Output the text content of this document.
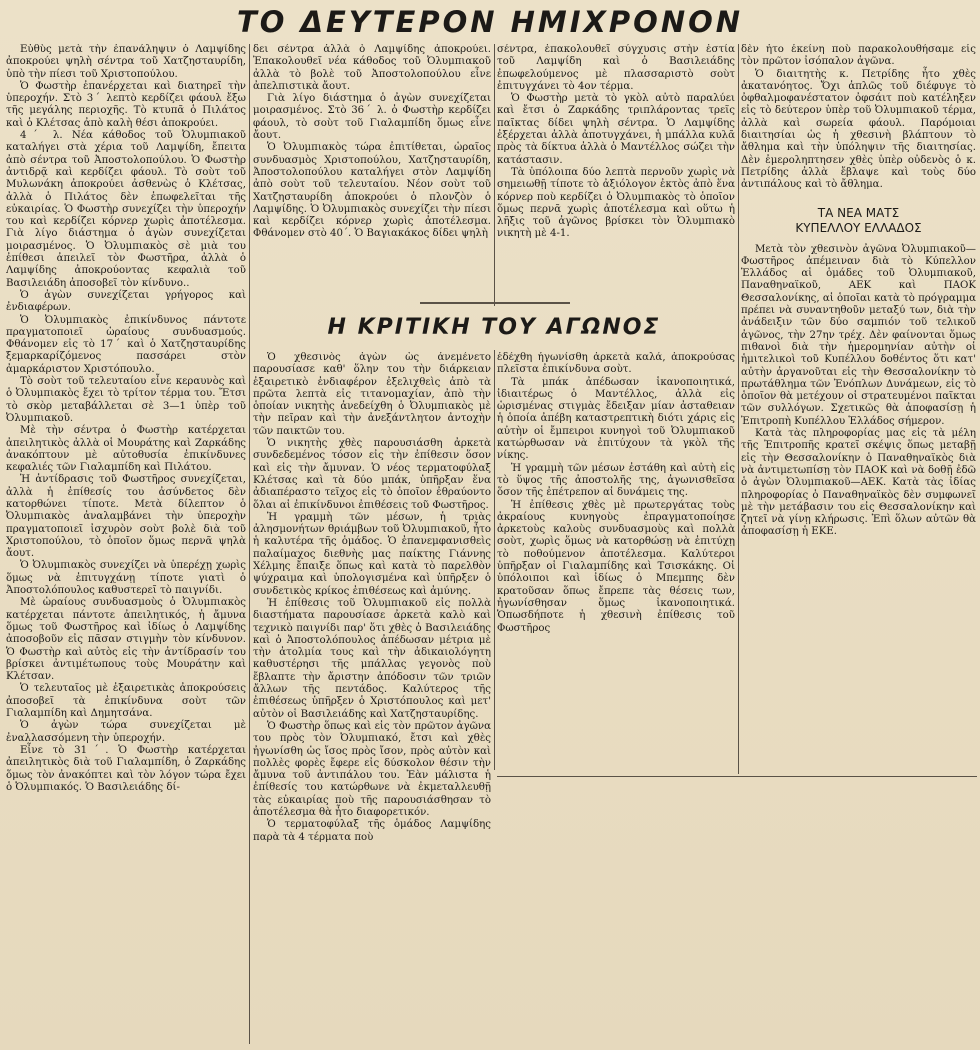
ΤΟ ΔΕΥΤΕΡΟΝ ΗΜΙΧΡΟΝΟΝ

Εὐθὺς μετὰ τὴν ἐπανάληψιν ὁ Λαμψίδης ἀποκρούει ψηλὴ σέντρα τοῦ Χατζησταυρίδη, ὑπὸ τὴν πίεσι τοῦ Χριστοπούλου.

Ὁ Φωστὴρ ἐπανέρχεται καὶ διατηρεῖ τὴν ὑπεροχήν. Στὸ 3ˊ λεπτὸ κερδίζει φάουλ ἔξω τῆς μεγάλης περιοχῆς. Τὸ κτυπᾶ ὁ Πιλάτος καὶ ὁ Κλέτσας ἀπὸ καλὴ θέσι ἀποκρούει.

4ˊ λ. Νέα κάθοδος τοῦ Ὀλυμπιακοῦ καταλήγει στὰ χέρια τοῦ Λαμψίδη, ἔπειτα ἀπὸ σέντρα τοῦ Ἀποστολοπούλου. Ὁ Φωστὴρ ἀντιδρᾷ καὶ κερδίζει φάουλ. Τὸ σοὺτ τοῦ Μυλωνάκη ἀποκρούει ἀσθενὼς ὁ Κλέτσας, ἀλλὰ ὁ Πιλάτος δὲν ἐπωφελεῖται τῆς εὐκαιρίας. Ὁ Φωστὴρ συνεχίζει τὴν ὑπεροχήν του καὶ κερδίζει κόρνερ χωρὶς ἀποτέλεσμα. Γιὰ λίγο διάστημα ὁ ἀγὼν συνεχίζεται μοιρασμένος. Ὁ Ὀλυμπιακὸς σὲ μιὰ του ἐπίθεσι ἀπειλεῖ τὸν Φωστῆρα, ἀλλὰ ὁ Λαμψίδης ἀποκρούοντας κεφαλιὰ τοῦ Βασιλειάδη ἀποσοβεῖ τὸν κίνδυνο..

Ὁ ἀγὼν συνεχίζεται γρήγορος καὶ ἐνδιαφέρων.

Ὁ Ὀλυμπιακὸς ἐπικίνδυνος πάντοτε πραγματοποιεῖ ὡραίους συνδυασμούς. Φθάνομεν εἰς τὸ 17ˊ καὶ ὁ Χατζησταυρίδης ξεμαρκαρίζόμενος πασσάρει στὸν ἀμαρκάριστον Χριστόπουλο.

Τὸ σοὺτ τοῦ τελευταίου εἶνε κεραυνὸς καὶ ὁ Ὀλυμπιακὸς ἔχει τὸ τρίτον τέρμα του. Ἔτσι τὸ σκὸρ μεταβάλλεται σὲ 3—1 ὑπὲρ τοῦ Ὀλυμπιακοῦ.

Μὲ τὴν σέντρα ὁ Φωστὴρ κατέρχεται ἀπειλητικὸς ἀλλὰ οἱ Μουράτης καὶ Ζαρκάδης ἀνακόπτουν μὲ αὐτοθυσία ἐπικίνδυνες κεφαλιές τῶν Γιαλαμπίδη καὶ Πιλάτου.

Ἡ ἀντίδρασις τοῦ Φωστῆρος συνεχίζεται, ἀλλὰ ἡ ἐπίθεσίς του ἀσύνδετος δὲν κατορθώνει τίποτε. Μετὰ δίλεπτον ὁ Ὀλυμπιακὸς ἀναλαμβάνει τὴν ὑπεροχὴν πραγματοποιεῖ ἰσχυρὸν σοὺτ βολὲ διὰ τοῦ Χριστοπούλου, τὸ ὁποῖον ὅμως περνᾶ ψηλὰ ἄουτ.

Ὁ Ὀλυμπιακὸς συνεχίζει νὰ ὑπερέχῃ χωρὶς ὅμως νὰ ἐπιτυγχάνῃ τίποτε γιατὶ ὁ Ἀποστολόπουλος καθυστερεῖ τὸ παιγνίδι.

Μὲ ὡραίους συνδυασμοὺς ὁ Ὀλυμπιακὸς κατέρχεται πάντοτε ἀπειλητικός, ἡ ἄμυνα ὅμως τοῦ Φωστῆρος καὶ ἰδίως ὁ Λαμψίδης ἀποσοβοῦν εἰς πᾶσαν στιγμὴν τὸν κίνδυνον. Ὁ Φωστὴρ καὶ αὐτὸς εἰς τὴν ἀντίδρασίν του βρίσκει ἀντιμέτωπους τοὺς Μουράτην καὶ Κλέτσαν.

Ὁ τελευταῖος μὲ ἐξαιρετικὰς ἀποκρούσεις ἀποσοβεῖ τὰ ἐπικίνδυνα σοὺτ τῶν Γιαλαμπίδη καὶ Δημητσάνα.

Ὁ ἀγὼν τώρα συνεχίζεται μὲ ἐναλλασσόμενη τὴν ὑπεροχήν.

Εἶνε τὸ 31ˊ. Ὁ Φωστὴρ κατέρχεται ἀπειλητικὸς διὰ τοῦ Γιαλαμπίδη, ὁ Ζαρκάδης ὅμως τὸν ἀνακόπτει καὶ τὸν λόγον τώρα ἔχει ὁ Ὀλυμπιακός. Ὁ Βασιλειάδης δί-

δει σέντρα ἀλλὰ ὁ Λαμψίδης ἀποκρούει. Ἐπακολουθεῖ νέα κάθοδος τοῦ Ὀλυμπιακοῦ ἀλλὰ τὸ βολὲ τοῦ Ἀποστολοπούλου εἶνε ἀπελπιστικὰ ἄουτ.

Γιὰ λίγο διάστημα ὁ ἀγὼν συνεχίζεται μοιρασμένος. Στὸ 36ˊ λ. ὁ Φωστὴρ κερδίζει φάουλ, τὸ σοὺτ τοῦ Γιαλαμπίδη ὅμως εἶνε ἄουτ.

Ὁ Ὀλυμπιακὸς τώρα ἐπιτίθεται, ὡραῖος συνδυασμὸς Χριστοπούλου, Χατζησταυρίδη, Ἀποστολοπούλου καταλήγει στὸν Λαμψίδη ἀπὸ σοὺτ τοῦ τελευταίου. Νέον σοὺτ τοῦ Χατζησταυρίδη ἀποκρούει ὁ πλονζὸν ὁ Λαμψίδης. Ὁ Ὀλυμπιακὸς συνεχίζει τὴν πίεσι καὶ κερδίζει κόρνερ χωρὶς ἀποτέλεσμα. Φθάνομεν στὸ 40ˊ. Ὁ Βαγιακάκος δίδει ψηλὴ

σέντρα, ἐπακολουθεῖ σύγχυσις στὴν ἑστία τοῦ Λαμψίδη καὶ ὁ Βασιλειάδης ἐπωφελούμενος μὲ πλασσαριστὸ σοὺτ ἐπιτυγχάνει τὸ 4ον τέρμα.

Ὁ Φωστὴρ μετὰ τὸ γκὸλ αὐτὸ παραλύει καὶ ἔτσι ὁ Ζαρκάδης τριπλάροντας τρεῖς παῖκτας δίδει ψηλὴ σέντρα. Ὁ Λαμψίδης ἐξέρχεται ἀλλὰ ἀποτυγχάνει, ἡ μπάλλα κυλᾶ πρὸς τὰ δίκτυα ἀλλὰ ὁ Μαντέλλος σώζει τὴν κατάστασιν.

Τὰ ὑπόλοιπα δύο λεπτὰ περνοῦν χωρὶς νὰ σημειωθῇ τίποτε τὸ ἀξιόλογον ἐκτὸς ἀπὸ ἕνα κόρνερ ποὺ κερδίζει ὁ Ὀλυμπιακὸς τὸ ὁποῖον ὅμως περνᾶ χωρὶς ἀποτέλεσμα καὶ οὕτω ἡ λῆξις τοῦ ἀγῶνος βρίσκει τὸν Ὀλυμπιακὸ νικητὴ μὲ 4-1.

Η ΚΡΙΤΙΚΗ ΤΟΥ ΑΓΩΝΟΣ

Ὁ χθεσινὸς ἀγὼν ὡς ἀνεμένετο παρουσίασε καθ' ὅλην του τὴν διάρκειαν ἐξαιρετικὸ ἐνδιαφέρον ἐξελιχθεὶς ἀπὸ τὰ πρῶτα λεπτὰ εἰς τιτανομαχίαν, ἀπὸ τὴν ὁποίαν νικητὴς ἀνεδείχθη ὁ Ὀλυμπιακὸς μὲ τὴν πεῖραν καὶ τὴν ἀνεξάντλητον ἀντοχὴν τῶν παικτῶν του.

Ὁ νικητὴς χθὲς παρουσιάσθη ἀρκετὰ συνδεδεμένος τόσον εἰς τὴν ἐπίθεσιν ὅσον καὶ εἰς τὴν ἄμυναν. Ὁ νέος τερματοφύλαξ Κλέτσας καὶ τὰ δύο μπάκ, ὑπῆρξαν ἕνα ἀδιαπέραστο τεῖχος εἰς τὸ ὁποῖον ἐθραύοντο ὅλαι αἱ ἐπικίνδυνοι ἐπιθέσεις τοῦ Φωστῆρος.

Ἡ γραμμὴ τῶν μέσων, ἡ τριὰς ἀλησμονήτων θριάμβων τοῦ Ὀλυμπιακοῦ, ἦτο ἡ καλυτέρα τῆς ὁμάδος. Ὁ ἐπανεμφανισθεὶς παλαίμαχος διεθνὴς μας παίκτης Γιάννης Χέλμης ἔπαιξε ὅπως καὶ κατὰ τὸ παρελθὸν ψύχραιμα καὶ ὑπολογισμένα καὶ ὑπῆρξεν ὁ συνδετικὸς κρίκος ἐπιθέσεως καὶ ἀμύνης.

Ἡ ἐπίθεσις τοῦ Ὀλυμπιακοῦ εἰς πολλὰ διαστήματα παρουσίασε ἀρκετὰ καλὸ καὶ τεχνικὸ παιγνίδι παρ' ὅτι χθὲς ὁ Βασιλειάδης καὶ ὁ Ἀποστολόπουλος ἀπέδωσαν μέτρια μὲ τὴν ἀτολμία τους καὶ τὴν ἀδικαιολόγητη καθυστέρησι τῆς μπάλλας γεγονὸς ποὺ ἔβλαπτε τὴν ἄριστην ἀπόδοσιν τῶν τριῶν ἄλλων τῆς πεντάδος. Καλύτερος τῆς ἐπιθέσεως ὑπῆρξεν ὁ Χριστόπουλος καὶ μετ' αὐτὸν οἱ Βασιλειάδης καὶ Χατζησταυρίδης.

Ὁ Φωστὴρ ὅπως καὶ εἰς τὸν πρῶτον ἀγῶνα του πρὸς τὸν Ὀλυμπιακό, ἔτσι καὶ χθὲς ἠγωνίσθη ὡς ἴσος πρὸς ἴσον, πρὸς αὐτὸν καὶ πολλὲς φορὲς ἔφερε εἰς δύσκολον θέσιν τὴν ἄμυνα τοῦ ἀντιπάλου του. Ἐὰν μάλιστα ἡ ἐπίθεσίς του κατώρθωνε νὰ ἐκμεταλλευθῇ τὰς εὐκαιρίας ποὺ τῆς παρουσιάσθησαν τὸ ἀποτέλεσμα θὰ ἦτο διαφορετικόν.

Ὁ τερματοφύλαξ τῆς ὁμάδος Λαμψίδης παρὰ τὰ 4 τέρματα ποὺ

ἐδέχθη ἠγωνίσθη ἀρκετὰ καλά, ἀποκρούσας πλεῖστα ἐπικίνδυνα σοὺτ.

Τὰ μπάκ ἀπέδωσαν ἱκανοποιητικά, ἰδιαιτέρως ὁ Μαντέλλος, ἀλλὰ εἰς ὡρισμένας στιγμὰς ἔδειξαν μίαν ἀσταθειαν ἡ ὁποία ἀπέβη καταστρεπτικὴ διότι χάρις εἰς αὐτὴν οἱ ἔμπειροι κυνηγοὶ τοῦ Ὀλυμπιακοῦ κατώρθωσαν νὰ ἐπιτύχουν τὰ γκὸλ τῆς νίκης.

Ἡ γραμμὴ τῶν μέσων ἐστάθη καὶ αὐτὴ εἰς τὸ ὕψος τῆς ἀποστολῆς της, ἀγωνισθεῖσα ὅσον τῆς ἐπέτρεπον αἱ δυνάμεις της.

Ἡ ἐπίθεσις χθὲς μὲ πρωτεργάτας τοὺς ἀκραίους κυνηγοὺς ἐπραγματοποίησε ἀρκετοὺς καλοὺς συνδυασμοὺς καὶ πολλὰ σοὺτ, χωρὶς ὅμως νὰ κατορθώσῃ νὰ ἐπιτύχῃ τὸ ποθούμενον ἀποτέλεσμα. Καλύτεροι ὑπῆρξαν οἱ Γιαλαμπίδης καὶ Τσισκάκης. Οἱ ὑπόλοιποι καὶ ἰδίως ὁ Μπεμπης δὲν κρατοῦσαν ὅπως ἔπρεπε τὰς θέσεις των, ἠγωνίσθησαν ὅμως ἱκανοποιητικά. Ὁπωσδήποτε ἡ χθεσινὴ ἐπίθεσις τοῦ Φωστῆρος

δὲν ἦτο ἐκείνη ποὺ παρακολουθήσαμε εἰς τὸν πρῶτον ἰσόπαλον ἀγῶνα.

Ὁ διαιτητὴς κ. Πετρίδης ἦτο χθὲς ἀκατανόητος. Ὄχι ἁπλῶς τοῦ διέφυγε τὸ ὀφθαλμοφανέστατον ὀφσάιτ ποὺ κατέληξεν εἰς τὸ δεύτερον ὑπὲρ τοῦ Ὀλυμπιακοῦ τέρμα, ἀλλὰ καὶ σωρεία φάουλ. Παρόμοιαι διαιτησίαι ὡς ἡ χθεσινὴ βλάπτουν τὸ ἄθλημα καὶ τὴν ὑπόληψιν τῆς διαιτησίας. Δὲν ἐμεροληπτησεν χθὲς ὑπὲρ οὐδενὸς ὁ κ. Πετρίδης ἀλλὰ ἔβλαψε καὶ τοὺς δύο ἀντιπάλους καὶ τὸ ἄθλημα.

ΤΑ ΝΕΑ ΜΑΤΣ
ΚΥΠΕΛΛΟΥ ΕΛΛΑΔΟΣ

Μετὰ τὸν χθεσινὸν ἀγῶνα Ὀλυμπιακοῦ—Φωστῆρος ἀπέμειναν διὰ τὸ Κύπελλον Ἑλλάδος αἱ ὁμάδες τοῦ Ὀλυμπιακοῦ, Παναθηναϊκοῦ, ΑΕΚ καὶ ΠΑΟΚ Θεσσαλονίκης, αἱ ὁποῖαι κατὰ τὸ πρόγραμμα πρέπει νὰ συναντηθοῦν μεταξύ των, διὰ τὴν ἀνάδειξιν τῶν δύο σαμπιόν τοῦ τελικοῦ ἀγῶνος, τὴν 27ην τρέχ. Δὲν φαίνονται ὅμως πιθανοὶ διὰ τὴν ἡμερομηνίαν αὐτὴν οἱ ἡμιτελικοὶ τοῦ Κυπέλλου δοθέντος ὅτι κατ' αὐτὴν ἀργανοῦται εἰς τὴν Θεσσαλονίκην τὸ πρωτάθλημα τῶν Ἐνόπλων Δυνάμεων, εἰς τὸ ὁποῖον θὰ μετέχουν οἱ στρατευμένοι παῖκται τῶν συλλόγων. Σχετικῶς θὰ ἀποφασίσῃ ἡ Ἐπιτροπὴ Κυπέλλου Ἑλλάδος σήμερον.

Κατὰ τὰς πληροφορίας μας εἰς τὰ μέλη τῆς Ἐπιτροπῆς κρατεῖ σκέψις ὅπως μεταβῇ εἰς τὴν Θεσσαλονίκην ὁ Παναθηναϊκὸς διὰ νὰ ἀντιμετωπίσῃ τὸν ΠΑΟΚ καὶ νὰ δοθῇ ἐδῶ ὁ ἀγὼν Ὀλυμπιακοῦ—ΑΕΚ. Κατὰ τὰς ἰδίας πληροφορίας ὁ Παναθηναϊκὸς δὲν συμφωνεῖ μὲ τὴν μετάβασιν του εἰς Θεσσαλονίκην καὶ ζητεῖ νὰ γίνῃ κλήρωσις. Ἐπὶ ὅλων αὐτῶν θὰ ἀποφασίσῃ ἡ ΕΚΕ.
